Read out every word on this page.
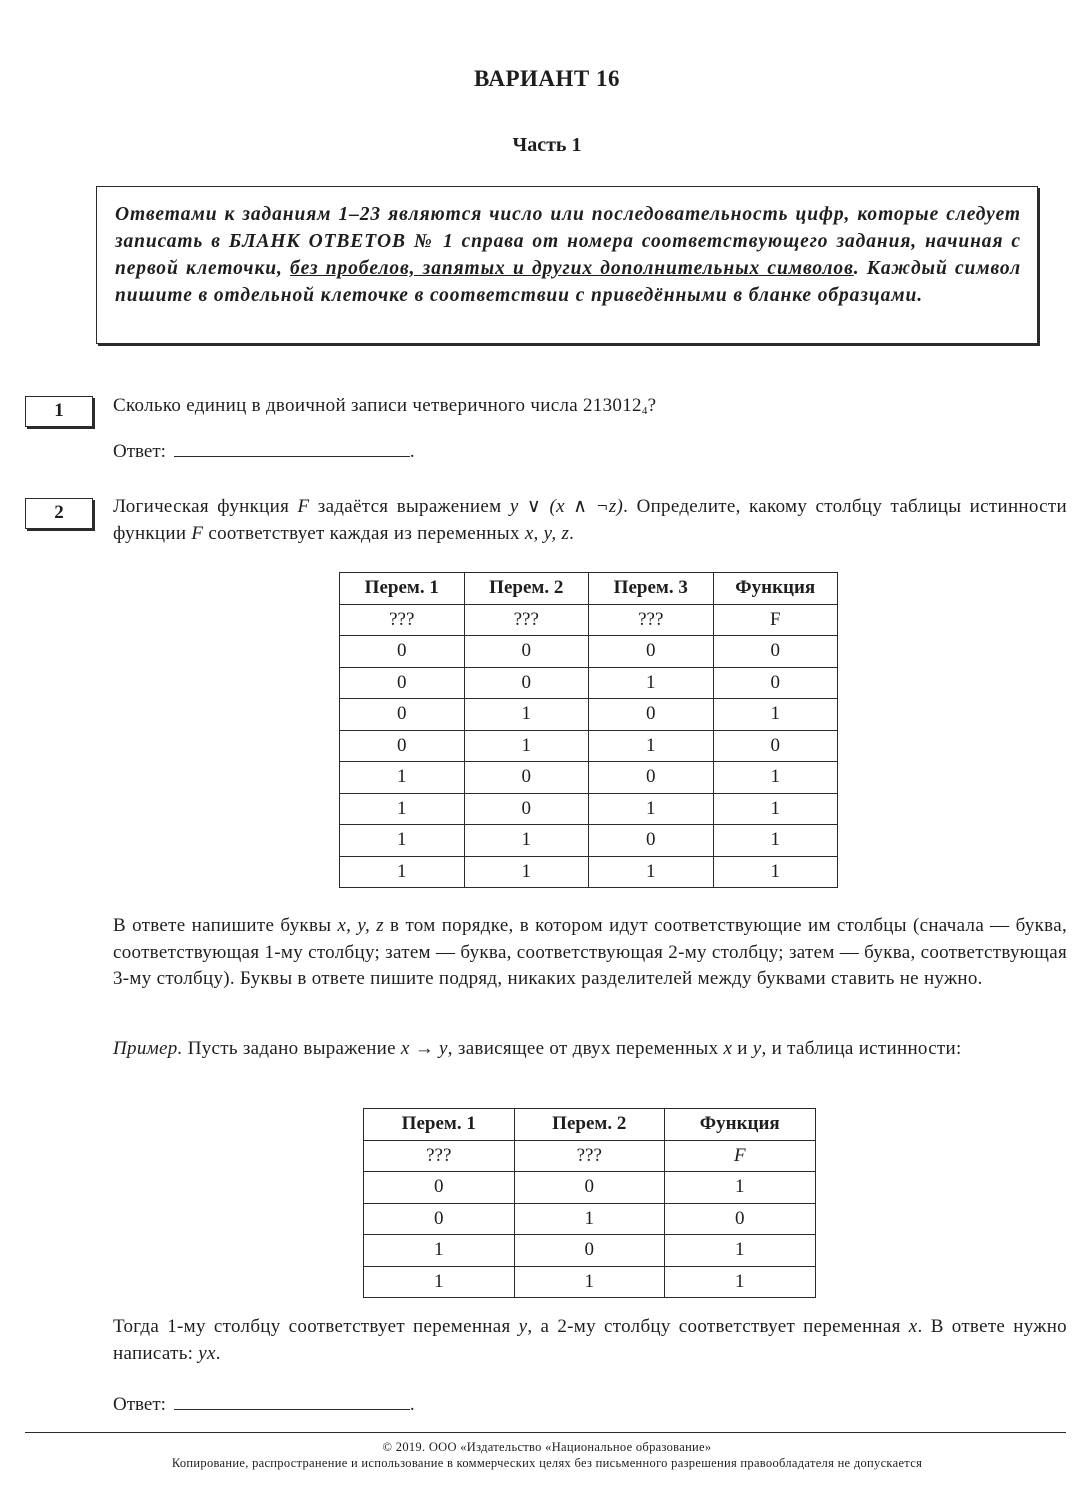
ВАРИАНТ 16
Часть 1
Ответами к заданиям 1–23 являются число или последовательность цифр, которые следует записать в БЛАНК ОТВЕТОВ № 1 справа от номера соответствующего задания, начиная с первой клеточки, без пробелов, запятых и других дополнительных символов. Каждый символ пишите в отдельной клеточке в соответствии с приведёнными в бланке образцами.
1	Сколько единиц в двоичной записи четверичного числа $213012_4$?
Ответ:	.
2	Логическая функция F задаётся выражением y ∨ (x ∧ ¬z). Определите, какому столбцу таблицы истинности функции F соответствует каждая из переменных x, y, z.
Перем. 1	Перем. 2	Перем. 3	Функция
???	???	???	F
0	0	0	0
0	0	1	0
0	1	0	1
0	1	1	0
1	0	0	1
1	0	1	1
1	1	0	1
1	1	1	1
В ответе напишите буквы x, y, z в том порядке, в котором идут соответствующие им столбцы (сначала — буква, соответствующая 1-му столбцу; затем — буква, соответствующая 2-му столбцу; затем — буква, соответствующая 3-му столбцу). Буквы в ответе пишите подряд, никаких разделителей между буквами ставить не нужно.
Пример. Пусть задано выражение x → y, зависящее от двух переменных x и y, и таблица истинности:
Перем. 1	Перем. 2	Функция
???	???	F
0	0	1
0	1	0
1	0	1
1	1	1
Тогда 1-му столбцу соответствует переменная y, а 2-му столбцу соответствует переменная x. В ответе нужно написать: yx.
Ответ:	.
© 2019. ООО «Издательство «Национальное образование»
Копирование, распространение и использование в коммерческих целях без письменного разрешения правообладателя не допускается
